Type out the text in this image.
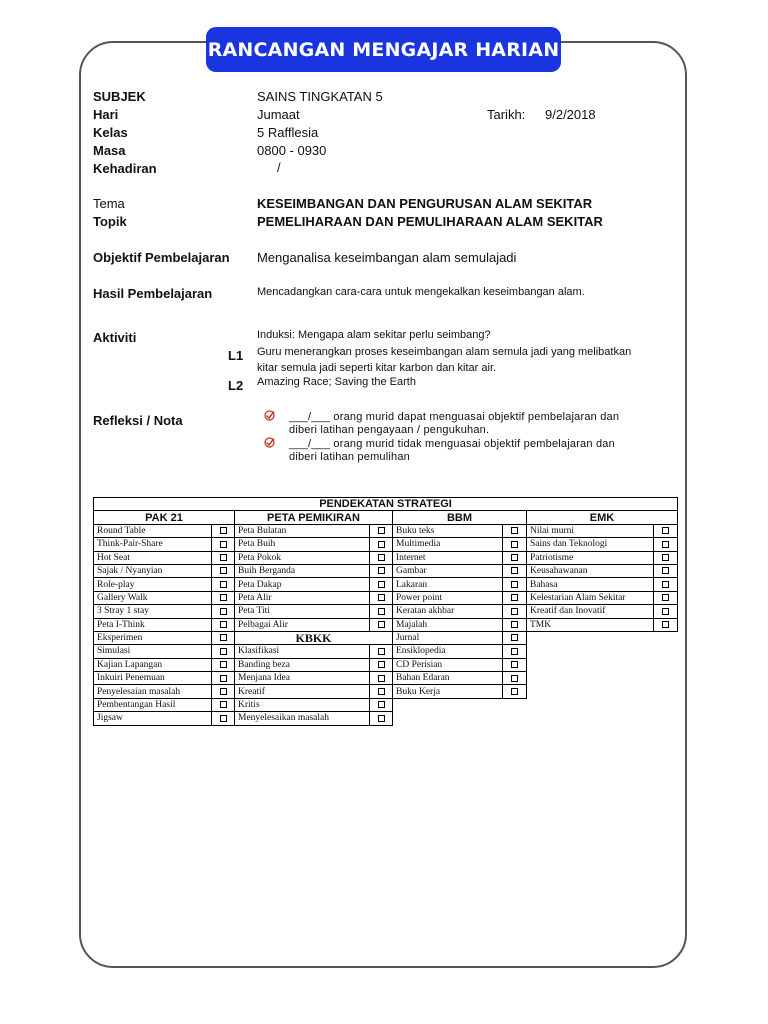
RANCANGAN MENGAJAR HARIAN
SUBJEK	SAINS TINGKATAN 5
Hari	Jumaat	Tarikh: 9/2/2018
Kelas	5 Rafflesia
Masa	0800 - 0930
Kehadiran	/
Tema	KESEIMBANGAN DAN PENGURUSAN ALAM SEKITAR
Topik	PEMELIHARAAN DAN PEMULIHARAAN ALAM SEKITAR
Objektif Pembelajaran Menganalisa keseimbangan alam semulajadi
Hasil Pembelajaran	Mencadangkan cara-cara untuk mengekalkan keseimbangan alam.
Aktiviti	Induksi: Mengapa alam sekitar perlu seimbang?
L1 Guru menerangkan proses keseimbangan alam semula jadi yang melibatkan
kitar semula jadi seperti kitar karbon dan kitar air.
L2 Amazing Race; Saving the Earth
Refleksi / Nota	___/___ orang murid dapat menguasai objektif pembelajaran dan
diberi latihan pengayaan / pengukuhan.
___/___ orang murid tidak menguasai objektif pembelajaran dan
diberi latihan pemulihan
PENDEKATAN STRATEGI							
PAK 21		PETA PEMIKIRAN		BBM		EMK	
Round Table		Peta Bulatan		Buku teks		Nilai murni	
Think-Pair-Share		Peta Buih		Multimedia		Sains dan Teknologi	
Hot Seat		Peta Pokok		Internet		Patriotisme	
Sajak / Nyanyian		Buih Berganda		Gambar		Keusahawanan	
Role-play		Peta Dakap		Lakaran		Bahasa	
Gallery Walk		Peta Alir		Power point		Kelestarian Alam Sekitar	
3 Stray 1 stay		Peta Titi		Keratan akhbar		Kreatif dan Inovatif	
Peta I-Think		Pelbagai Alir		Majalah		TMK	
Eksperimen		KBKK		Jurnal			
Simulasi		Klasifikasi		Ensiklopedia			
Kajian Lapangan		Banding beza		CD Perisian			
Inkuiri Penemuan		Menjana Idea		Bahan Edaran			
Penyelesaian masalah		Kreatif		Buku Kerja			
Pembentangan Hasil		Kritis					
Jigsaw		Menyelesaikan masalah					
